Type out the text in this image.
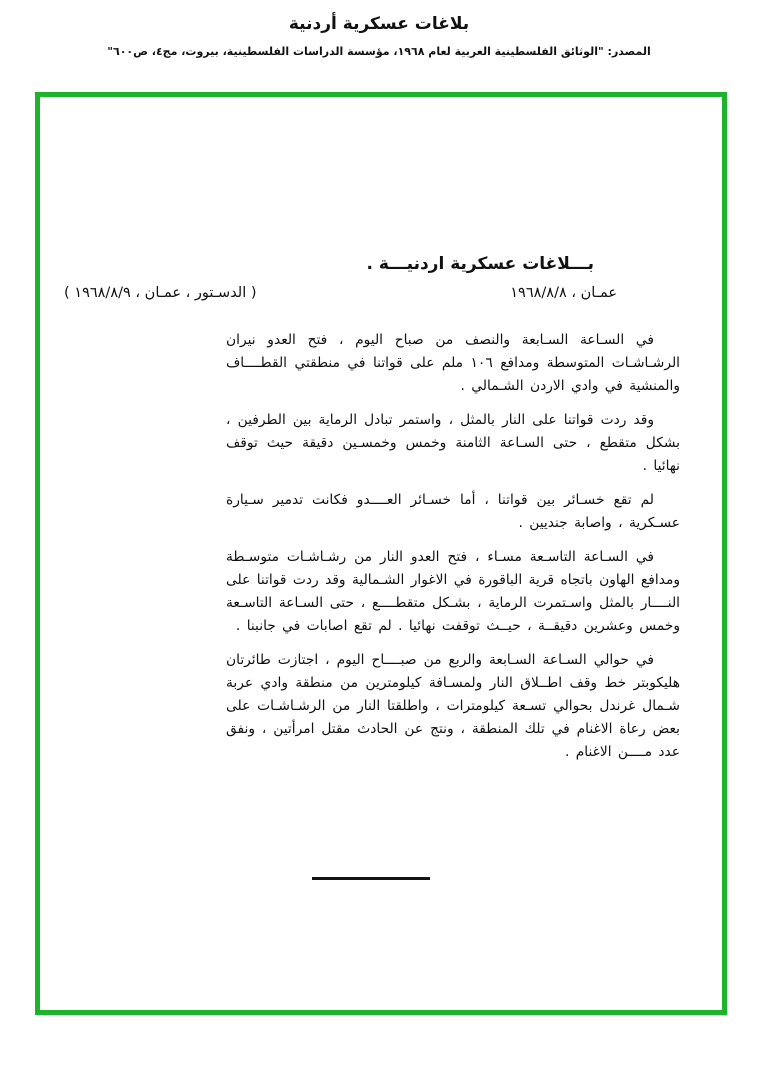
بلاغات عسكرية أردنية
المصدر: "الوثائق الفلسطينية العربية لعام ١٩٦٨، مؤسسة الدراسات الفلسطينية، بيروت، مج٤، ص٦٠٠"
بـــلاغات عسكرية اردنيـــة .
عمـان ، ١٩٦٨/٨/٨
( الدسـتور ، عمـان ، ١٩٦٨/٨/٩ )

في السـاعة السـابعة والنصف من صباح اليوم ، فتح العدو نيران الرشـاشـات المتوسطة ومدافع ١٠٦ ملم على قواتنا في منطقتي القطــــاف والمنشية في وادي الاردن الشـمالي .

وقد ردت قواتنا على النار بالمثل ، واستمر تبادل الرماية بين الطرفين ، بشكل متقطع ، حتى السـاعة الثامنة وخمس وخمسـين دقيقة حيث توقف نهائيا .

لم تقع خسـائر بين قواتنا ، أما خسـائر العــــدو فكانت تدمير سـيارة عسـكرية ، واصابة جنديين .

في السـاعة التاسـعة مسـاء ، فتح العدو النار من رشـاشـات متوسـطة ومدافع الهاون باتجاه قرية الباقورة في الاغوار الشـمالية وقد ردت قواتنا على النــــار بالمثل واسـتمرت الرماية ، بشـكل متقطــــع ، حتى السـاعة التاسـعة وخمس وعشرين دقيقــة ، حيــث توقفت نهائيا . لم تقع اصابات في جانبنا .

في حوالي السـاعة السـابعة والربع من صبــــاح اليوم ، اجتازت طائرتان هليكوبتر خط وقف اطــلاق النار ولمسـافة كيلومترين من منطقة وادي عربة شـمال غرندل بحوالي تسـعة كيلومترات ، واطلقتا النار من الرشـاشـات على بعض رعاة الاغنام في تلك المنطقة ، ونتج عن الحادث مقتل امرأتين ، ونفق عدد مــــن الاغنام .
